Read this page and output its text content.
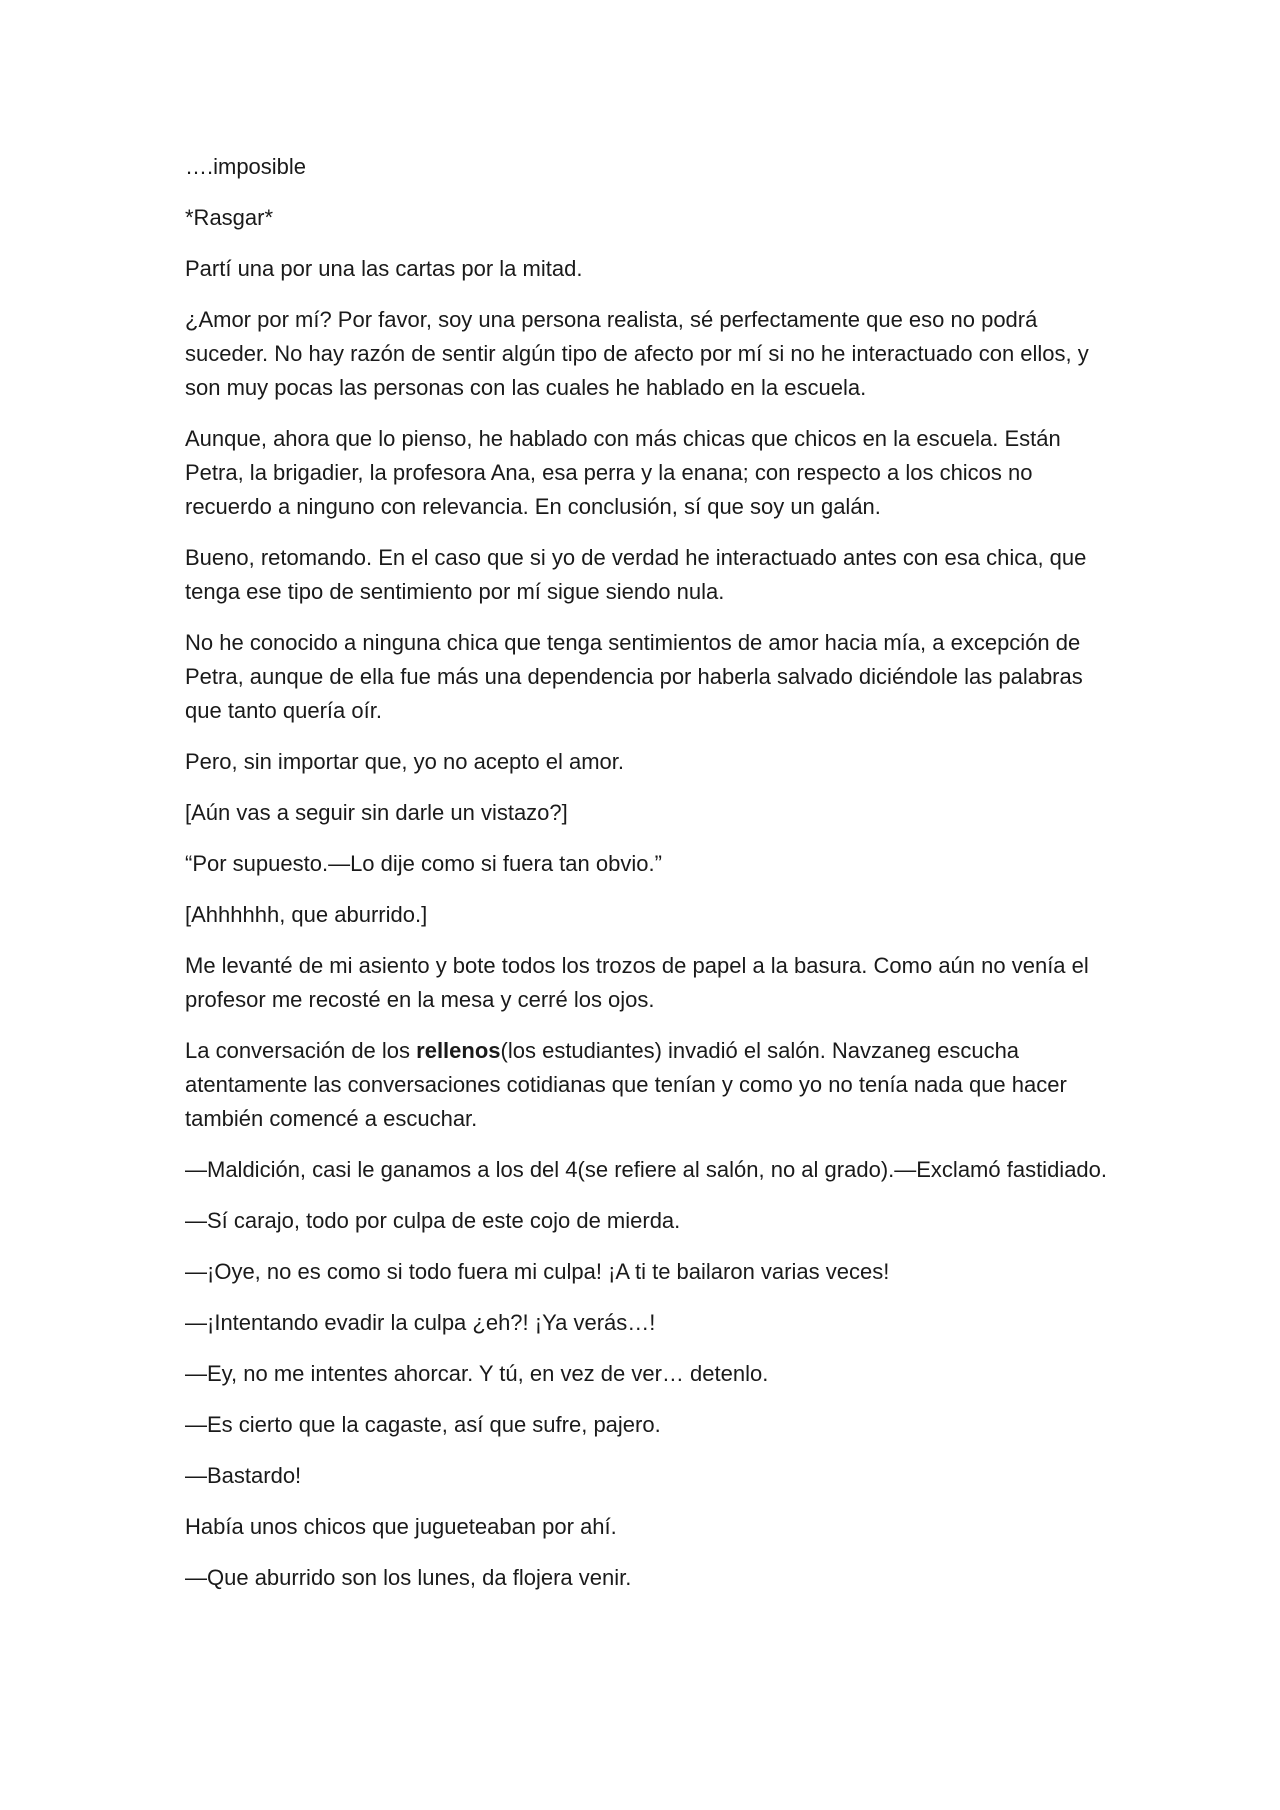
….imposible

*Rasgar*

Partí una por una las cartas por la mitad.

¿Amor por mí? Por favor, soy una persona realista, sé perfectamente que eso no podrá suceder. No hay razón de sentir algún tipo de afecto por mí si no he interactuado con ellos, y son muy pocas las personas con las cuales he hablado en la escuela.

Aunque, ahora que lo pienso, he hablado con más chicas que chicos en la escuela. Están Petra, la brigadier, la profesora Ana, esa perra y la enana; con respecto a los chicos no recuerdo a ninguno con relevancia. En conclusión, sí que soy un galán.

Bueno, retomando. En el caso que si yo de verdad he interactuado antes con esa chica, que tenga ese tipo de sentimiento por mí sigue siendo nula.

No he conocido a ninguna chica que tenga sentimientos de amor hacia mía, a excepción de Petra, aunque de ella fue más una dependencia por haberla salvado diciéndole las palabras que tanto quería oír.

Pero, sin importar que, yo no acepto el amor.

[Aún vas a seguir sin darle un vistazo?]

“Por supuesto.—Lo dije como si fuera tan obvio.”

[Ahhhhhh, que aburrido.]

Me levanté de mi asiento y bote todos los trozos de papel a la basura. Como aún no venía el profesor me recosté en la mesa y cerré los ojos.

La conversación de los rellenos(los estudiantes) invadió el salón. Navzaneg escucha atentamente las conversaciones cotidianas que tenían y como yo no tenía nada que hacer también comencé a escuchar.

—Maldición, casi le ganamos a los del 4(se refiere al salón, no al grado).—Exclamó fastidiado.

—Sí carajo, todo por culpa de este cojo de mierda.

—¡Oye, no es como si todo fuera mi culpa! ¡A ti te bailaron varias veces!

—¡Intentando evadir la culpa ¿eh?! ¡Ya verás…!

—Ey, no me intentes ahorcar. Y tú, en vez de ver… detenlo.

—Es cierto que la cagaste, así que sufre, pajero.

—Bastardo!

Había unos chicos que jugueteaban por ahí.

—Que aburrido son los lunes, da flojera venir.
